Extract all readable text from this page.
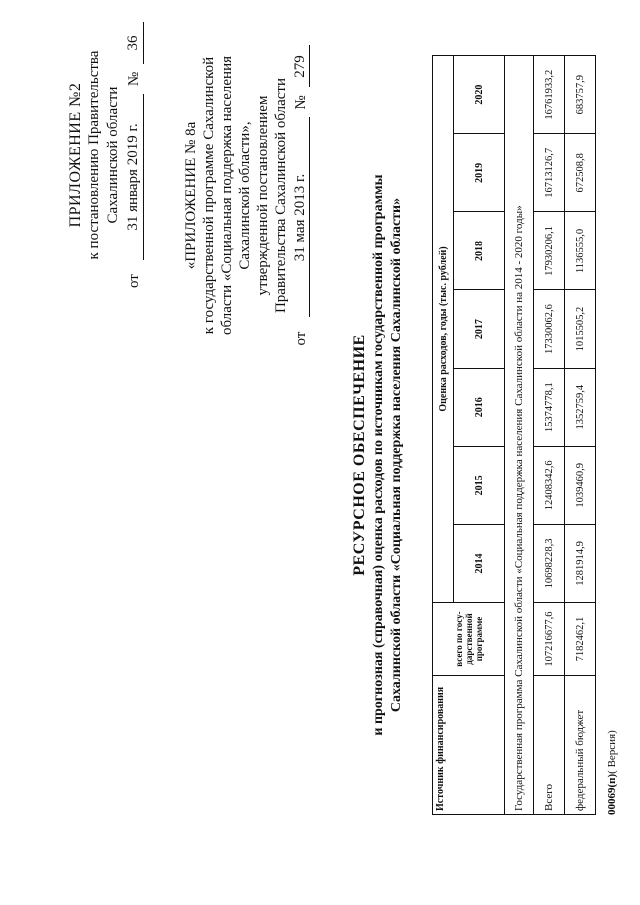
ПРИЛОЖЕНИЕ №2 к постановлению Правительства Сахалинской области
от
31 января 2019 г.
№
36
«ПРИЛОЖЕНИЕ № 8а к государственной программе Сахалинской области «Социальная поддержка населения Сахалинской области», утвержденной постановлением Правительства Сахалинской области
от
31 мая 2013 г.
№
279
РЕСУРСНОЕ ОБЕСПЕЧЕНИЕ и прогнозная (справочная) оценка расходов по источникам государственной программы Сахалинской области «Социальная поддержка населения Сахалинской области»
Источник финансирования	всего по госу-дарственной программе	Оценка расходов, годы (тыс. рублей)						
		2014	2015	2016	2017	2018	2019	2020
Государственная программа Сахалинской области «Социальная поддержка населения Сахалинской области на 2014 - 2020 годы»								
Всего	107216677,6	10698228,3	12408342,6	15374778,1	17330062,6	17930206,1	16713126,7	16761933,2
федеральный бюджет	7182462,1	1281914,9	1039460,9	1352759,4	1015505,2	1136555,0	672508,8	683757,9
00069(п)( Версия)
